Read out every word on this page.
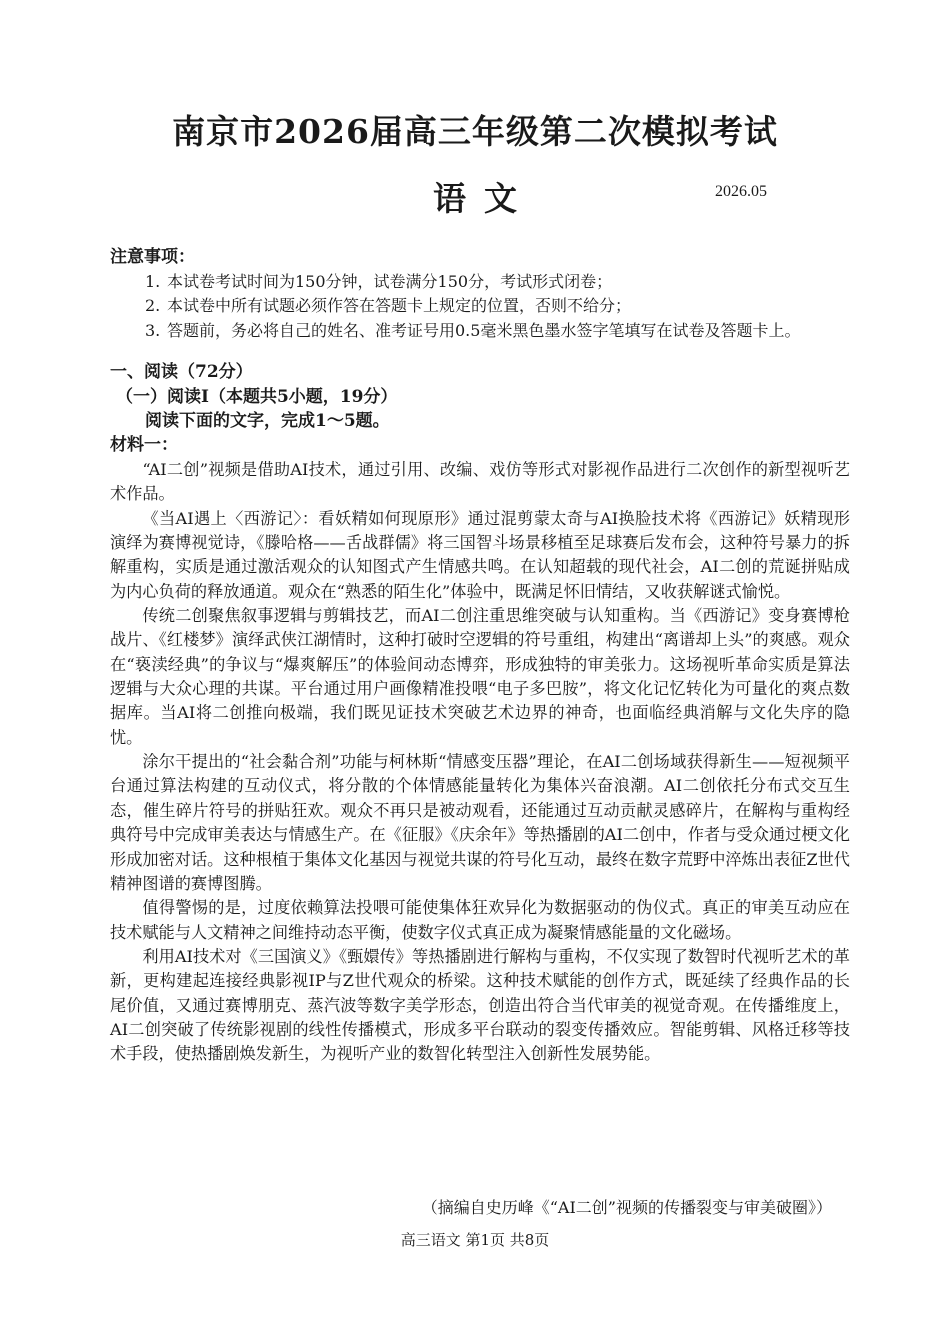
南京市2026届高三年级第二次模拟考试
语文	2026.05
注意事项：
1. 本试卷考试时间为150分钟，试卷满分150分，考试形式闭卷；
2. 本试卷中所有试题必须作答在答题卡上规定的位置，否则不给分；
3. 答题前，务必将自己的姓名、准考证号用0.5毫米黑色墨水签字笔填写在试卷及答题卡上。
一、阅读（72分）
（一）阅读Ⅰ（本题共5小题，19分）
阅读下面的文字，完成1～5题。
材料一：

“AI二创”视频是借助AI技术，通过引用、改编、戏仿等形式对影视作品进行二次创作的新型视听艺术作品。

《当AI遇上〈西游记〉：看妖精如何现原形》通过混剪蒙太奇与AI换脸技术将《西游记》妖精现形演绎为赛博视觉诗，《滕哈格——舌战群儒》将三国智斗场景移植至足球赛后发布会，这种符号暴力的拆解重构，实质是通过激活观众的认知图式产生情感共鸣。在认知超载的现代社会，AI二创的荒诞拼贴成为内心负荷的释放通道。观众在“熟悉的陌生化”体验中，既满足怀旧情结，又收获解谜式愉悦。

传统二创聚焦叙事逻辑与剪辑技艺，而AI二创注重思维突破与认知重构。当《西游记》变身赛博枪战片、《红楼梦》演绎武侠江湖情时，这种打破时空逻辑的符号重组，构建出“离谱却上头”的爽感。观众在“亵渎经典”的争议与“爆爽解压”的体验间动态博弈，形成独特的审美张力。这场视听革命实质是算法逻辑与大众心理的共谋。平台通过用户画像精准投喂“电子多巴胺”，将文化记忆转化为可量化的爽点数据库。当AI将二创推向极端，我们既见证技术突破艺术边界的神奇，也面临经典消解与文化失序的隐忧。

涂尔干提出的“社会黏合剂”功能与柯林斯“情感变压器”理论，在AI二创场域获得新生——短视频平台通过算法构建的互动仪式，将分散的个体情感能量转化为集体兴奋浪潮。AI二创依托分布式交互生态，催生碎片符号的拼贴狂欢。观众不再只是被动观看，还能通过互动贡献灵感碎片，在解构与重构经典符号中完成审美表达与情感生产。在《征服》《庆余年》等热播剧的AI二创中，作者与受众通过梗文化形成加密对话。这种根植于集体文化基因与视觉共谋的符号化互动，最终在数字荒野中淬炼出表征Z世代精神图谱的赛博图腾。

值得警惕的是，过度依赖算法投喂可能使集体狂欢异化为数据驱动的伪仪式。真正的审美互动应在技术赋能与人文精神之间维持动态平衡，使数字仪式真正成为凝聚情感能量的文化磁场。

利用AI技术对《三国演义》《甄嬛传》等热播剧进行解构与重构，不仅实现了数智时代视听艺术的革新，更构建起连接经典影视IP与Z世代观众的桥梁。这种技术赋能的创作方式，既延续了经典作品的长尾价值，又通过赛博朋克、蒸汽波等数字美学形态，创造出符合当代审美的视觉奇观。在传播维度上，AI二创突破了传统影视剧的线性传播模式，形成多平台联动的裂变传播效应。智能剪辑、风格迁移等技术手段，使热播剧焕发新生，为视听产业的数智化转型注入创新性发展势能。

（摘编自史历峰《“AI二创”视频的传播裂变与审美破圈》）
高三语文 第1页 共8页
